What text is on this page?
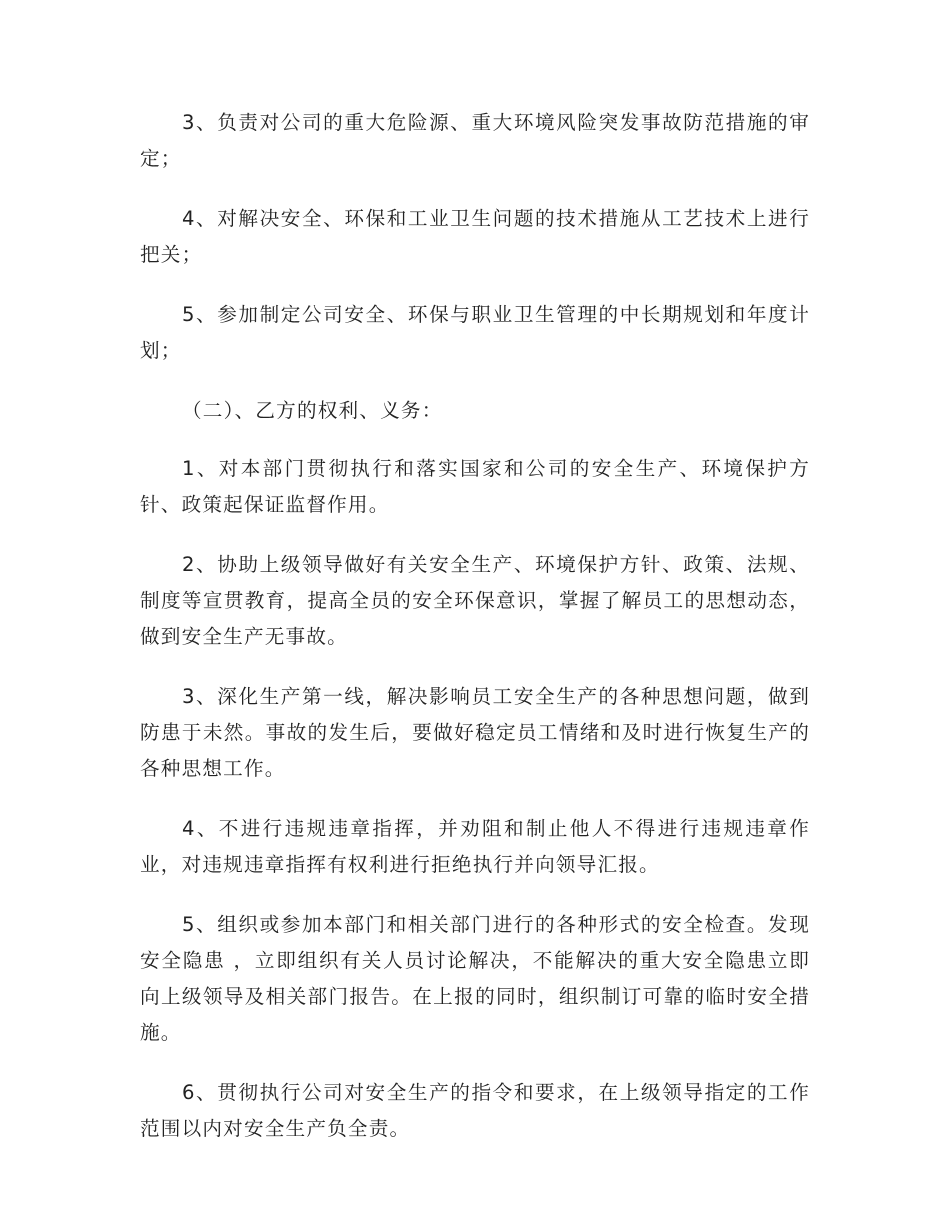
3、负责对公司的重大危险源、重大环境风险突发事故防范措施的审定；

4、对解决安全、环保和工业卫生问题的技术措施从工艺技术上进行把关；

5、参加制定公司安全、环保与职业卫生管理的中长期规划和年度计划；

（二）、乙方的权利、义务：

1、对本部门贯彻执行和落实国家和公司的安全生产、环境保护方针、政策起保证监督作用。

2、协助上级领导做好有关安全生产、环境保护方针、政策、法规、制度等宣贯教育，提高全员的安全环保意识，掌握了解员工的思想动态，做到安全生产无事故。

3、深化生产第一线，解决影响员工安全生产的各种思想问题，做到防患于未然。事故的发生后，要做好稳定员工情绪和及时进行恢复生产的各种思想工作。

4、不进行违规违章指挥，并劝阻和制止他人不得进行违规违章作业，对违规违章指挥有权利进行拒绝执行并向领导汇报。

5、组织或参加本部门和相关部门进行的各种形式的安全检查。发现安全隐患 ，立即组织有关人员讨论解决，不能解决的重大安全隐患立即向上级领导及相关部门报告。在上报的同时，组织制订可靠的临时安全措施。

6、贯彻执行公司对安全生产的指令和要求，在上级领导指定的工作范围以内对安全生产负全责。
